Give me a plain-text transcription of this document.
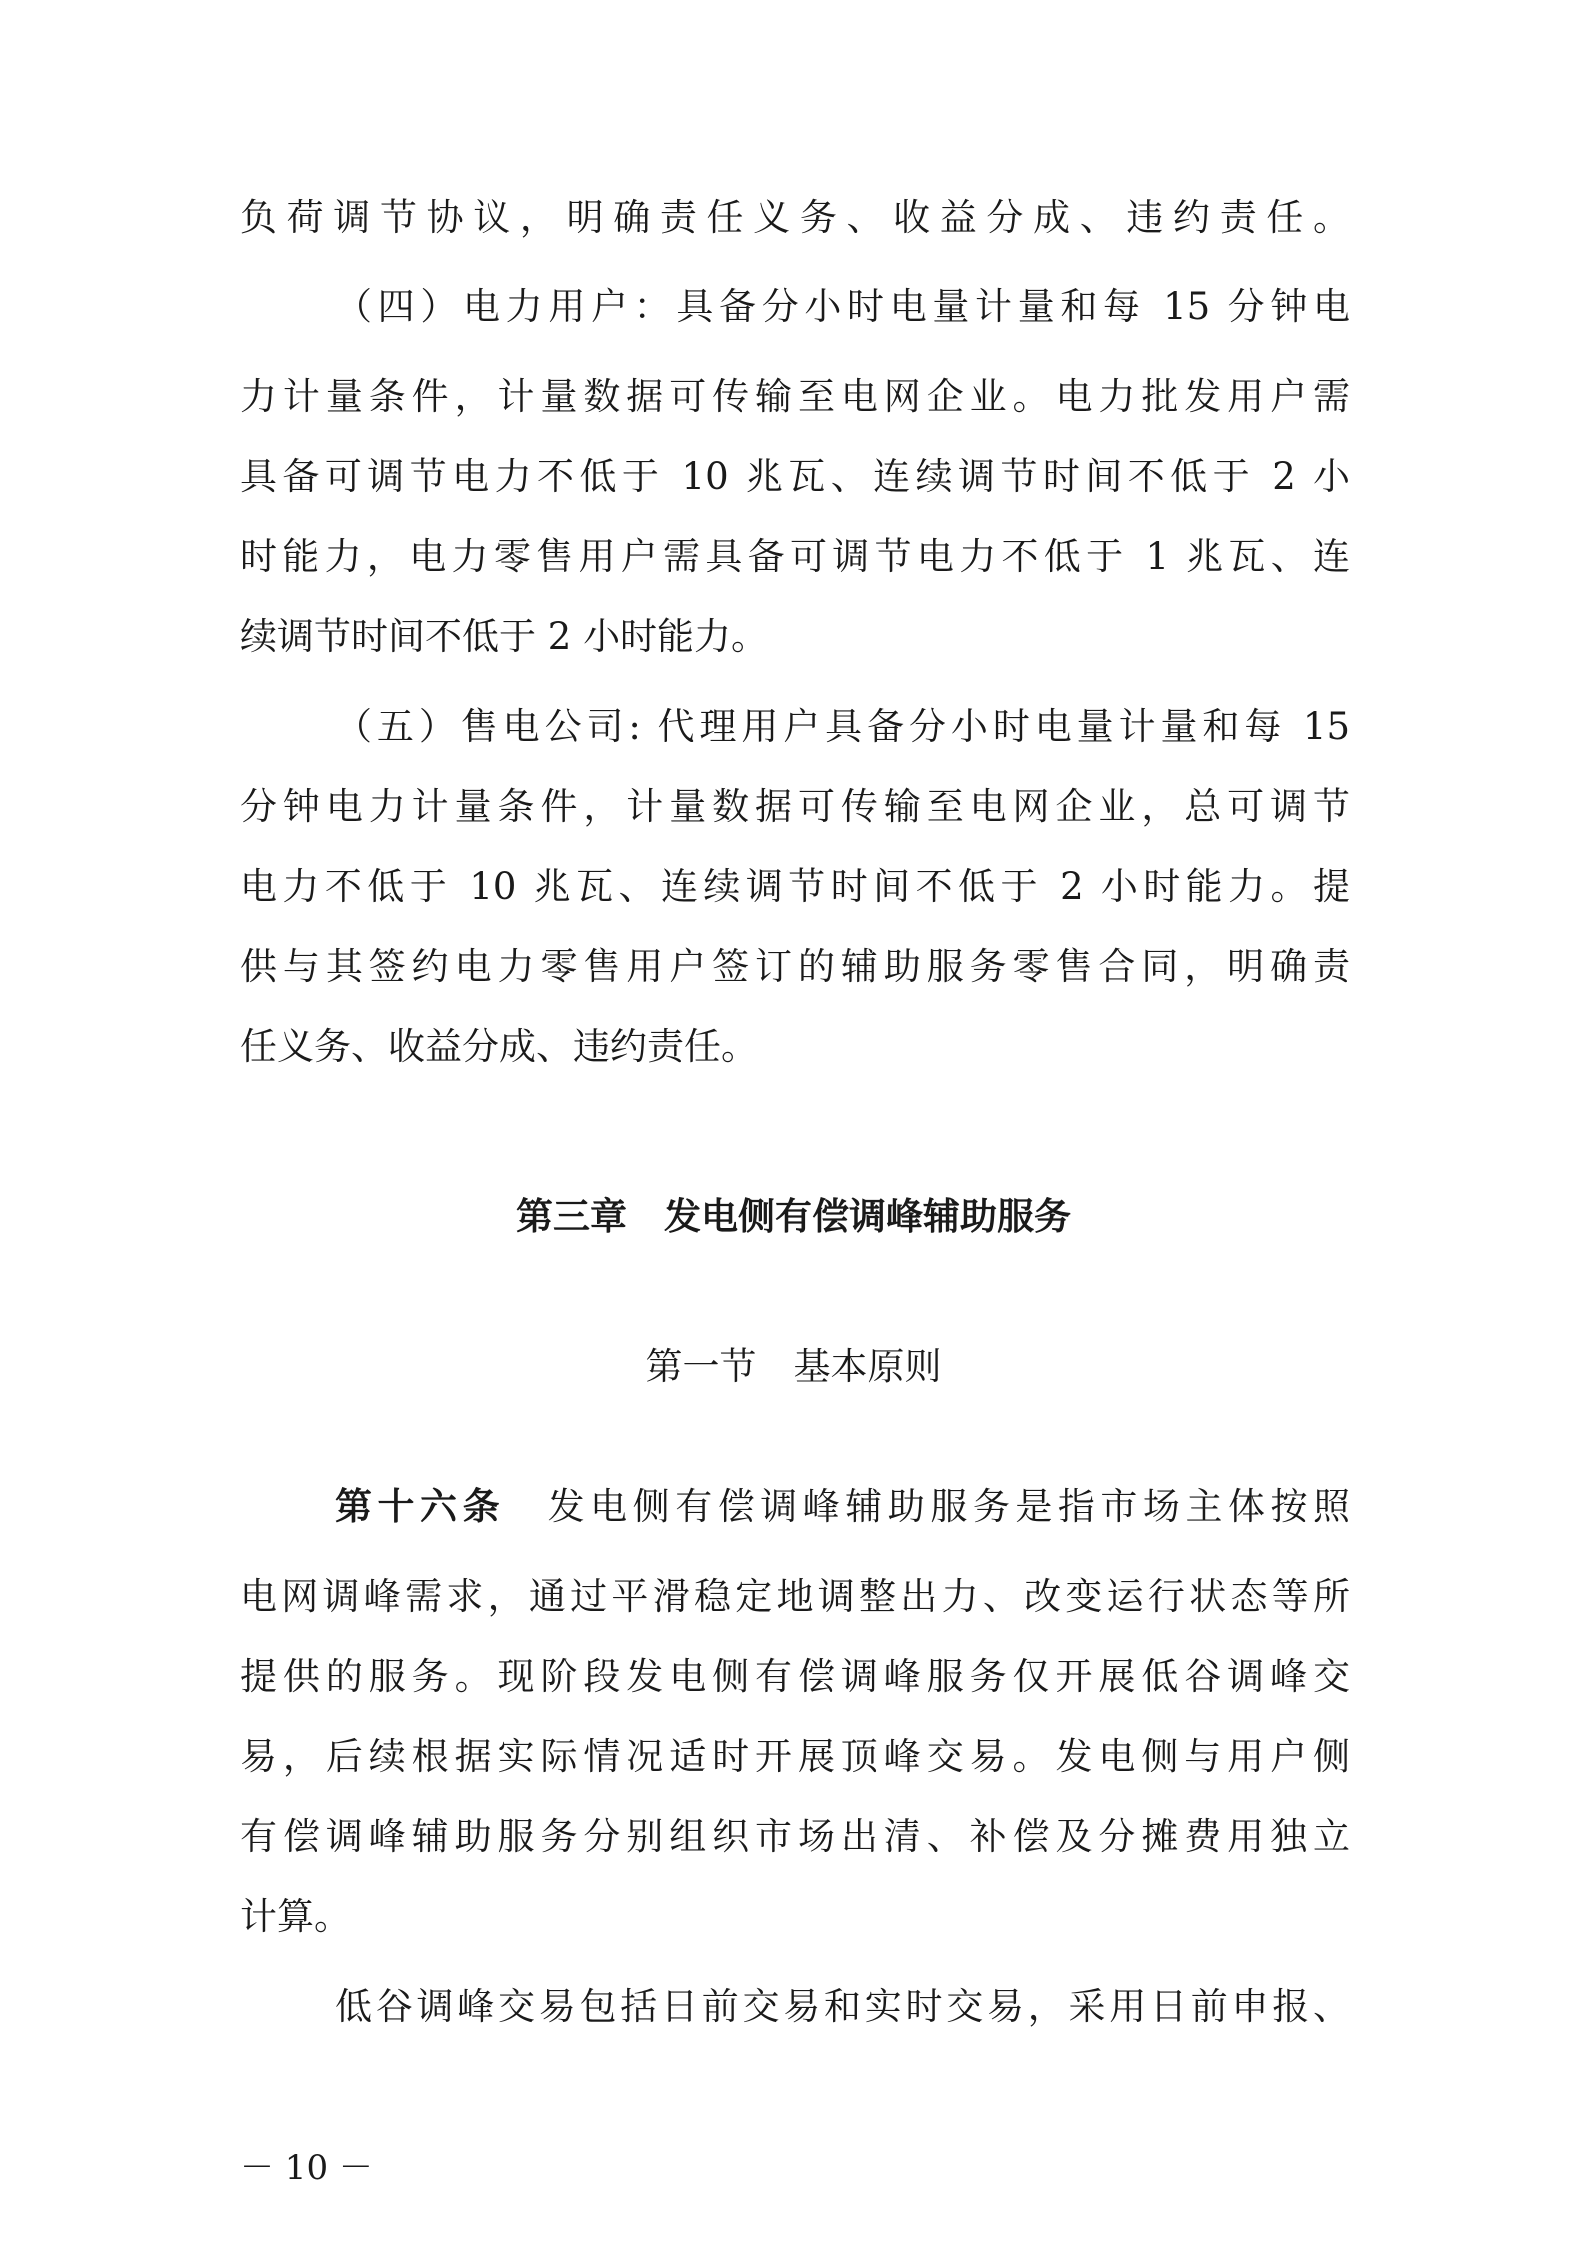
负荷调节协议，明确责任义务、收益分成、违约责任。
（四）电力用户：具备分小时电量计量和每 15 分钟电
力计量条件，计量数据可传输至电网企业。电力批发用户需
具备可调节电力不低于 10 兆瓦、连续调节时间不低于 2 小
时能力，电力零售用户需具备可调节电力不低于 1 兆瓦、连
续调节时间不低于 2 小时能力。
（五）售电公司: 代理用户具备分小时电量计量和每 15
分钟电力计量条件，计量数据可传输至电网企业，总可调节
电力不低于 10 兆瓦、连续调节时间不低于 2 小时能力。提
供与其签约电力零售用户签订的辅助服务零售合同，明确责
任义务、收益分成、违约责任。
第三章　发电侧有偿调峰辅助服务
第一节　基本原则
第十六条　 发电侧有偿调峰辅助服务是指市场主体按照
电网调峰需求，通过平滑稳定地调整出力、改变运行状态等所
提供的服务。现阶段发电侧有偿调峰服务仅开展低谷调峰交
易，后续根据实际情况适时开展顶峰交易。发电侧与用户侧
有偿调峰辅助服务分别组织市场出清、补偿及分摊费用独立
计算。
低谷调峰交易包括日前交易和实时交易，采用日前申报、
－ 10 －
